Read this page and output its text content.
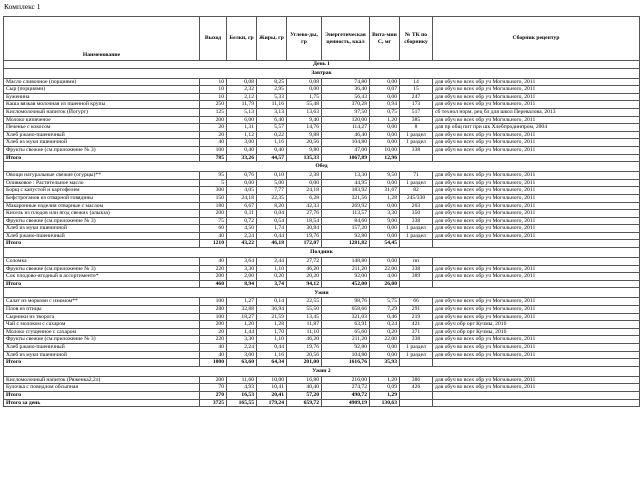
Комплекс 1
Наименование	Выход	Белки, гр	Жиры, гр	Углево-ды, гр	Энергетическая ценность, ккал	Вита-мин C, мг	№ ТК по сборнику	Сборник рецептур
День 1								
Завтрак								
Масло сливочное (порциями)	10	0,08	8,25	0,08	74,80	0,00	14	для обуч во всех обр уч Могильного, 2011
Сыр (порциями)	10	2,32	2,95	0,00	36,40	0,07	15	для обуч во всех обр уч Могильного, 2011
Буженина	10	2,12	5,33	1,75	56,43	0,00	247	для обуч во всех обр уч Могильного, 2011
Каша вязкая молочная из пшенной крупы	250	11,79	11,16	55,48	370,28	0,94	173	для обуч во всех обр уч Могильного, 2011
Кисломолочный напиток (Йогурт)	125	5,13	3,13	13,63	97,50	0,75	517	сб технол норм, рец бл для школ Перевалова, 2013
Молоко кипяченое	200	6,00	6,40	9,40	120,00	1,20	385	для обуч во всех обр уч Могильного, 2011
Печенье с кокосом	20	1,31	5,57	14,76	114,27	0,00	8	для пр общ пит при шк Хлебпродинпром, 2004
Хлеб ржано-пшеничный	20	1,12	0,22	9,88	46,40	0,00	1 раздел	для обуч во всех обр уч Могильного, 2011
Хлеб из муки пшеничной	40	3,00	1,16	20,56	104,80	0,00	1 раздел	для обуч во всех обр уч Могильного, 2011
Фрукты свежие (см.приложение № 3)	100	0,40	0,40	9,80	47,00	10,00	338	для обуч во всех обр уч Могильного, 2011
Итого	785	33,26	44,57	135,33	1067,89	12,96		
Обед								
Овощи натуральные свежие (огурцы)**	95	0,76	0,10	2,38	13,30	9,50	71	для обуч во всех обр уч Могильного, 2011
Оливковое : Растительное масло	5	0,00	5,00	0,00	44,95	0,00	1 раздел	для обуч во всех обр уч Могильного, 2011
Борщ с капустой и картофелем	300	4,05	7,77	24,18	183,92	31,67	82	для обуч во всех обр уч Могильного, 2011
Бефстроганов из отварной говядины	150	24,18	22,35	6,28	321,56	1,28	245/330	для обуч во всех обр уч Могильного, 2011
Макаронные изделия отварные с маслом	180	6,67	8,20	42,33	269,92	0,00	203	для обуч во всех обр уч Могильного, 2011
Кисель из плодов или ягод свежих (алыкза)	200	0,11	0,04	27,76	113,57	3,30	350	для обуч во всех обр уч Могильного, 2011
Фрукты свежие (см.приложение № 3)	75	0,72	0,54	18,54	84,60	9,00	338	для обуч во всех обр уч Могильного, 2011
Хлеб из муки пшеничной	60	4,50	1,74	30,84	157,20	0,00	1 раздел	для обуч во всех обр уч Могильного, 2011
Хлеб ржано-пшеничный	40	2,24	0,44	19,76	92,80	0,00	1 раздел	для обуч во всех обр уч Могильного, 2011
Итого	1210	43,22	46,18	172,07	1281,82	54,45		
Полдник								
Соломка	40	3,64	2,44	27,72	148,80	0,00	пп	
Фрукты свежие (см.приложение № 3)	220	3,30	1,10	46,20	211,20	22,00	338	для обуч во всех обр уч Могильного, 2011
Сок плодово-ягодный в ассортименте*	200	2,00	0,20	20,20	92,00	4,00	389	для обуч во всех обр уч Могильного, 2011
Итого	460	8,94	3,74	94,12	452,00	26,00		
Ужин								
Салат из моркови с изюмом**	100	1,27	0,14	22,55	98,76	5,75	66	для обуч во всех обр уч Могильного, 2011
Плов из птицы	280	32,88	36,94	55,50	658,66	7,29	291	для обуч во всех обр уч Могильного, 2011
Сырники из творога	100	18,27	21,59	13,45	321,03	0,46	219	для обуч во всех обр уч Могильного, 2011
Чай с молоком с сахаром	200	1,20	1,28	11,87	63,91	0,24	421	для обуч обр орг Кучмы, 2016
Молоко сгущенное с сахаром	20	1,44	1,70	11,10	65,60	0,20	371	для обуч обр орг Кучмы, 2016
Фрукты свежие (см.приложение № 3)	220	3,30	1,10	46,20	211,20	22,00	338	для обуч во всех обр уч Могильного, 2011
Хлеб ржано-пшеничный	40	2,24	0,44	19,76	92,80	0,00	1 раздел	для обуч во всех обр уч Могильного, 2011
Хлеб из муки пшеничной	40	3,00	1,16	20,56	104,80	0,00	1 раздел	для обуч во всех обр уч Могильного, 2011
Итого	1000	63,60	64,34	201,00	1616,76	35,93		
Ужин 2								
Кисломолочный напиток (Ряженка2,2л)	200	11,60	10,00	16,80	216,00	1,20	386	для обуч во всех обр уч Могильного, 2011
Булочка с повидлом обсыпная	70	4,93	10,41	40,40	274,72	0,09	426	для обуч во всех обр уч Могильного, 2011
Итого	270	16,53	20,41	57,20	490,72	1,29		
Итого за день	3725	165,55	179,24	659,72	4909,19	130,63		
